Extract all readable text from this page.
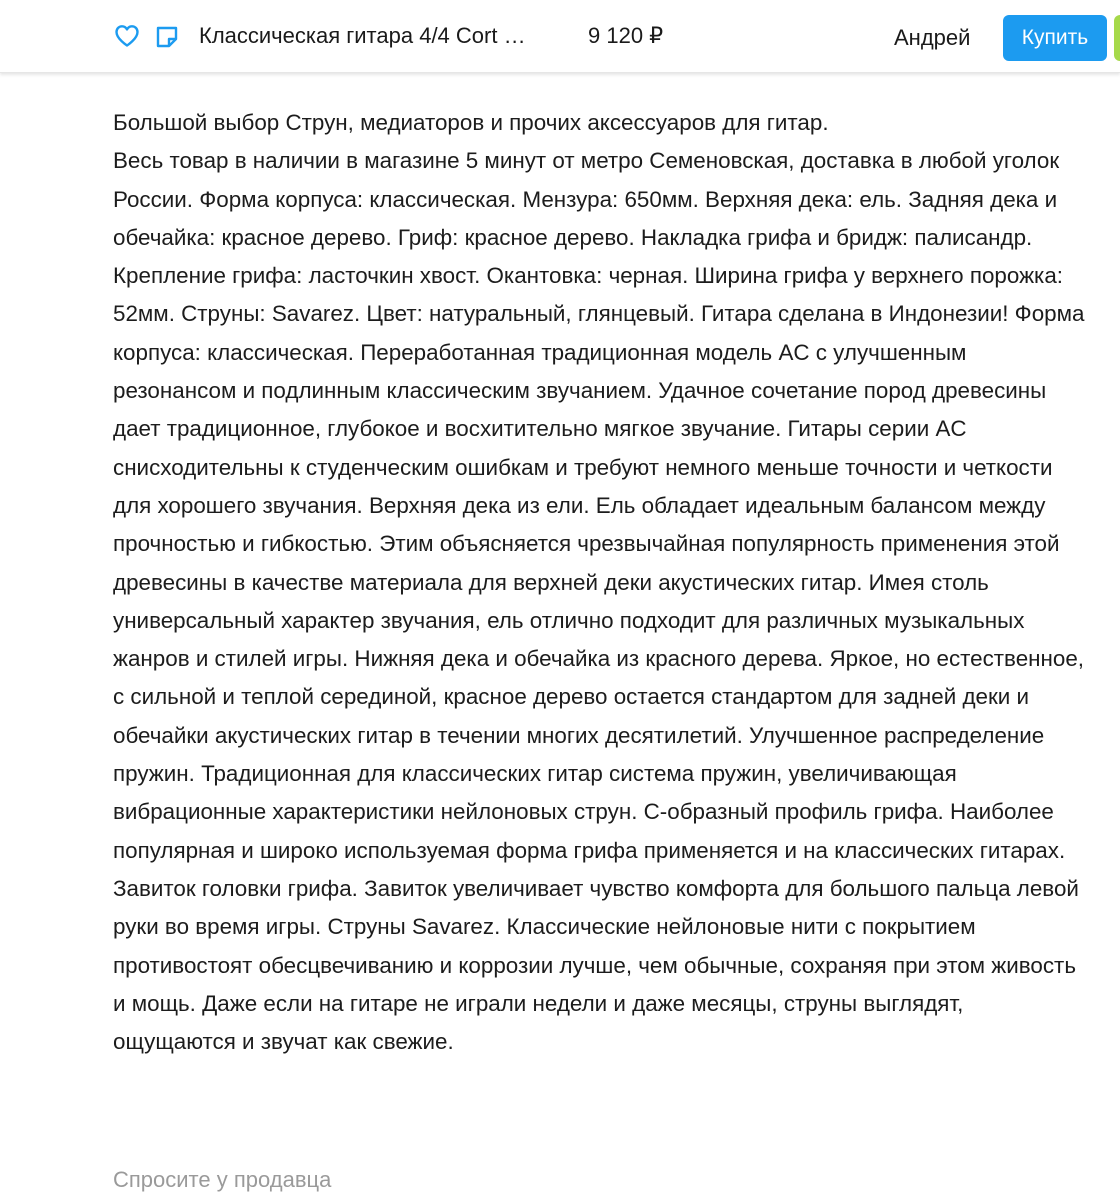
Классическая гитара 4/4 Cort …	9 120 ₽	Андрей	Купить

Большой выбор Струн, медиаторов и прочих аксессуаров для гитар.

Весь товар в наличии в магазине 5 минут от метро Семеновская, доставка в любой уголок России. Форма корпуса: классическая. Мензура: 650мм. Верхняя дека: ель. Задняя дека и обечайка: красное дерево. Гриф: красное дерево. Накладка грифа и бридж: палисандр. Крепление грифа: ласточкин хвост. Окантовка: черная. Ширина грифа у верхнего порожка: 52мм. Струны: Savarez. Цвет: натуральный, глянцевый. Гитара сделана в Индонезии! Форма корпуса: классическая. Переработанная традиционная модель AC с улучшенным резонансом и подлинным классическим звучанием. Удачное сочетание пород древесины дает традиционное, глубокое и восхитительно мягкое звучание. Гитары серии AC снисходительны к студенческим ошибкам и требуют немного меньше точности и четкости для хорошего звучания. Верхняя дека из ели. Ель обладает идеальным балансом между прочностью и гибкостью. Этим объясняется чрезвычайная популярность применения этой древесины в качестве материала для верхней деки акустических гитар. Имея столь универсальный характер звучания, ель отлично подходит для различных музыкальных жанров и стилей игры. Нижняя дека и обечайка из красного дерева. Яркое, но естественное, с сильной и теплой серединой, красное дерево остается стандартом для задней деки и обечайки акустических гитар в течении многих десятилетий. Улучшенное распределение пружин. Традиционная для классических гитар система пружин, увеличивающая вибрационные характеристики нейлоновых струн. С-образный профиль грифа. Наиболее популярная и широко используемая форма грифа применяется и на классических гитарах. Завиток головки грифа. Завиток увеличивает чувство комфорта для большого пальца левой руки во время игры. Струны Savarez. Классические нейлоновые нити с покрытием противостоят обесцвечиванию и коррозии лучше, чем обычные, сохраняя при этом живость и мощь. Даже если на гитаре не играли недели и даже месяцы, струны выглядят, ощущаются и звучат как свежие.

Спросите у продавца
